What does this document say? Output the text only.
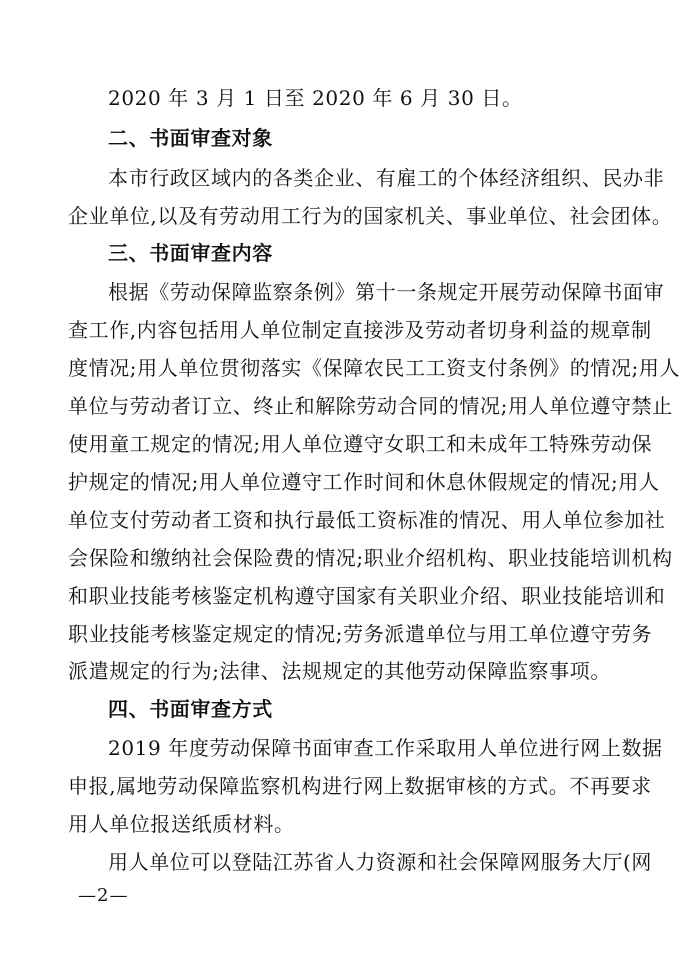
2020 年 3 月 1 日至 2020 年 6 月 30 日。
二、书面审查对象
本市行政区域内的各类企业、有雇工的个体经济组织、民办非
企业单位,以及有劳动用工行为的国家机关、事业单位、社会团体。
三、书面审查内容
根据《劳动保障监察条例》第十一条规定开展劳动保障书面审
查工作,内容包括用人单位制定直接涉及劳动者切身利益的规章制
度情况;用人单位贯彻落实《保障农民工工资支付条例》的情况;用人
单位与劳动者订立、终止和解除劳动合同的情况;用人单位遵守禁止
使用童工规定的情况;用人单位遵守女职工和未成年工特殊劳动保
护规定的情况;用人单位遵守工作时间和休息休假规定的情况;用人
单位支付劳动者工资和执行最低工资标准的情况、用人单位参加社
会保险和缴纳社会保险费的情况;职业介绍机构、职业技能培训机构
和职业技能考核鉴定机构遵守国家有关职业介绍、职业技能培训和
职业技能考核鉴定规定的情况;劳务派遣单位与用工单位遵守劳务
派遣规定的行为;法律、法规规定的其他劳动保障监察事项。
四、书面审查方式
2019 年度劳动保障书面审查工作采取用人单位进行网上数据
申报,属地劳动保障监察机构进行网上数据审核的方式。不再要求
用人单位报送纸质材料。
用人单位可以登陆江苏省人力资源和社会保障网服务大厅(网
—2—
